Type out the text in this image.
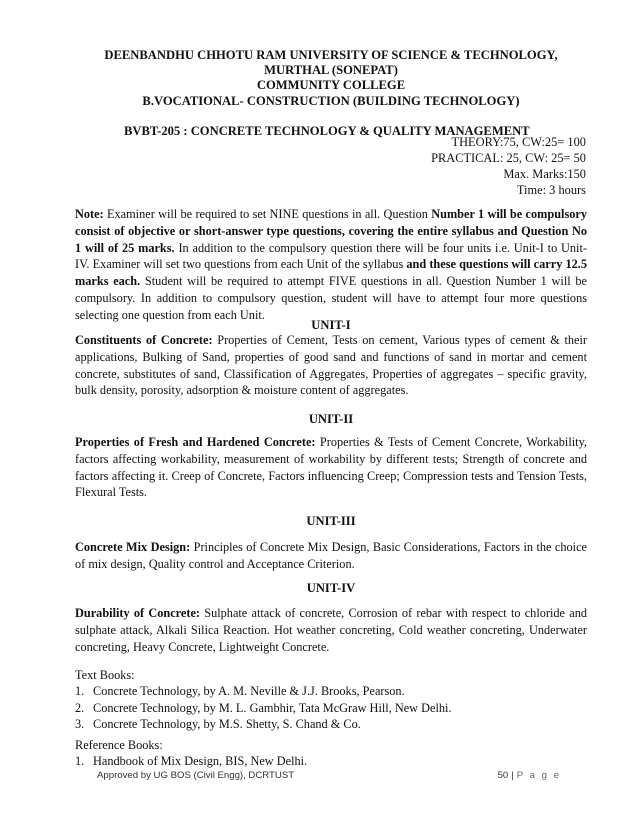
DEENBANDHU CHHOTU RAM UNIVERSITY OF SCIENCE & TECHNOLOGY,
MURTHAL (SONEPAT)
COMMUNITY COLLEGE
B.VOCATIONAL- CONSTRUCTION (BUILDING TECHNOLOGY)
BVBT-205 : CONCRETE TECHNOLOGY & QUALITY MANAGEMENT
THEORY:75, CW:25= 100
PRACTICAL: 25, CW: 25= 50
Max. Marks:150
Time: 3 hours
Note: Examiner will be required to set NINE questions in all. Question Number 1 will be compulsory consist of objective or short-answer type questions, covering the entire syllabus and Question No 1 will of 25 marks. In addition to the compulsory question there will be four units i.e. Unit-I to Unit-IV. Examiner will set two questions from each Unit of the syllabus and these questions will carry 12.5 marks each. Student will be required to attempt FIVE questions in all. Question Number 1 will be compulsory. In addition to compulsory question, student will have to attempt four more questions selecting one question from each Unit.
UNIT-I
Constituents of Concrete: Properties of Cement, Tests on cement, Various types of cement & their applications, Bulking of Sand, properties of good sand and functions of sand in mortar and cement concrete, substitutes of sand, Classification of Aggregates, Properties of aggregates – specific gravity, bulk density, porosity, adsorption & moisture content of aggregates.
UNIT-II
Properties of Fresh and Hardened Concrete: Properties & Tests of Cement Concrete, Workability, factors affecting workability, measurement of workability by different tests; Strength of concrete and factors affecting it. Creep of Concrete, Factors influencing Creep; Compression tests and Tension Tests, Flexural Tests.
UNIT-III
Concrete Mix Design: Principles of Concrete Mix Design, Basic Considerations, Factors in the choice of mix design, Quality control and Acceptance Criterion.
UNIT-IV
Durability of Concrete: Sulphate attack of concrete, Corrosion of rebar with respect to chloride and sulphate attack, Alkali Silica Reaction. Hot weather concreting, Cold weather concreting, Underwater concreting, Heavy Concrete, Lightweight Concrete.
Text Books:
1. Concrete Technology, by A. M. Neville & J.J. Brooks, Pearson.
2. Concrete Technology, by M. L. Gambhir, Tata McGraw Hill, New Delhi.
3. Concrete Technology, by M.S. Shetty, S. Chand & Co.
Reference Books:
1. Handbook of Mix Design, BIS, New Delhi.
Approved by UG BOS (Civil Engg), DCRTUST	50 | P a g e
